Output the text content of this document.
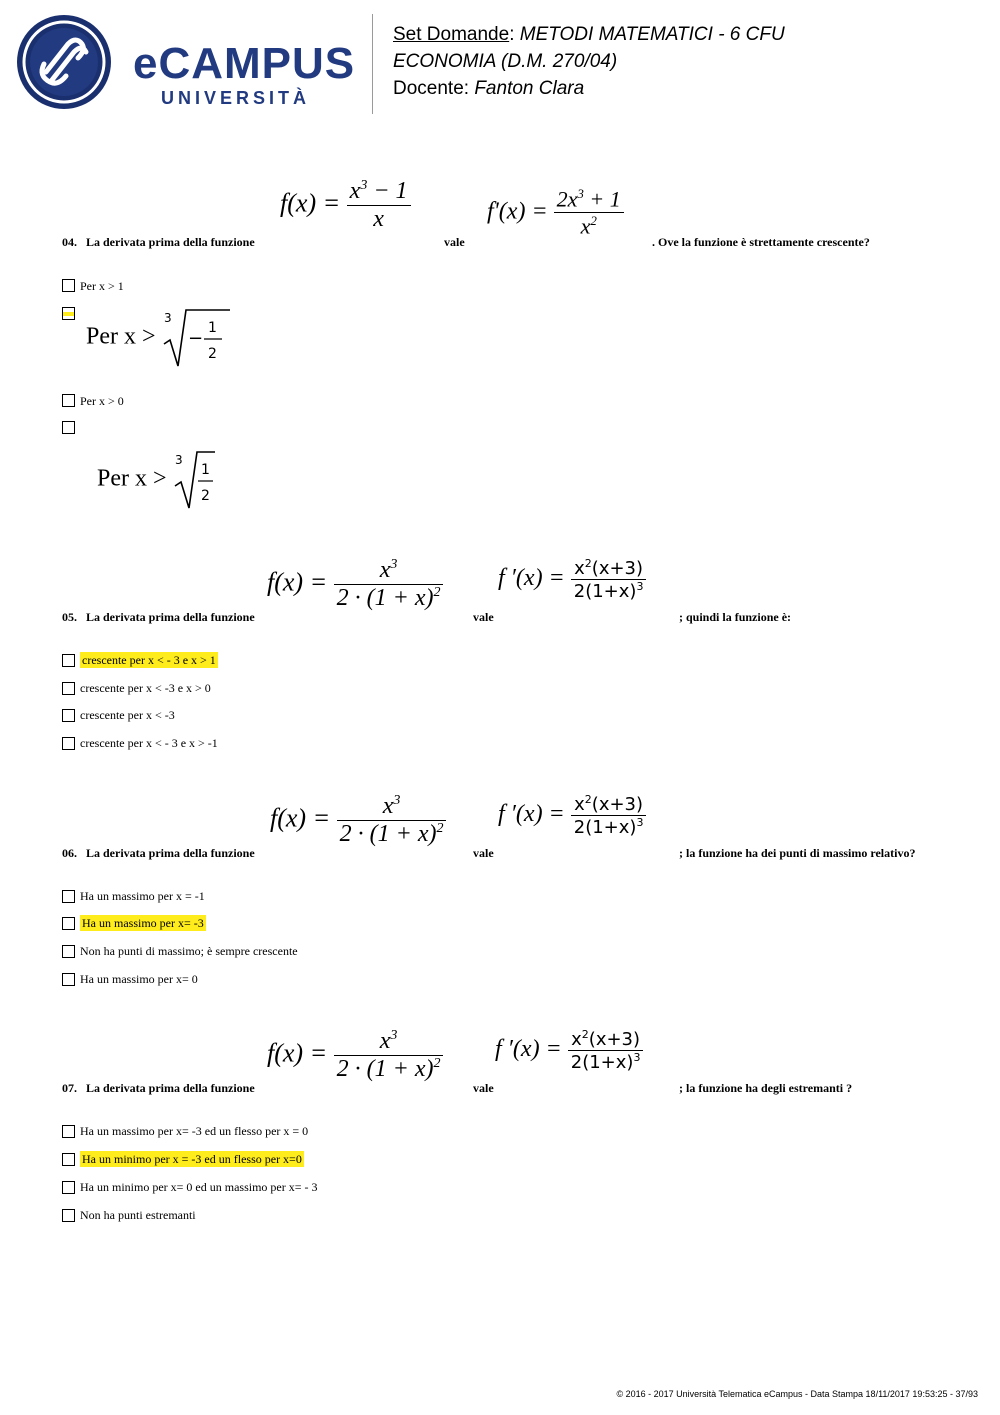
eCAMPUS
UNIVERSITÀ
Set Domande: METODI MATEMATICI - 6 CFU
ECONOMIA (D.M. 270/04)
Docente: Fanton Clara
$f(x) = \frac{x^3 - 1}{x}$	$f'(x) = \frac{2x^3 + 1}{x^2}$
04. La derivata prima della funzione	vale	. Ove la funzione è strettamente crescente?
Per x > 1
Per x >
3
− 1
2
Per x > 0
Per x >
3
1
2
$f(x) = \frac{x^3}{2 \cdot (1 + x)^2}$ f $'(x) = \frac{x^2(x+3)}{2(1+x)^3}$
05. La derivata prima della funzione	vale	; quindi la funzione è:
crescente per x < - 3 e x > 1
crescente per x < -3 e x > 0
crescente per x < -3
crescente per x < - 3 e x > -1
$f(x) = \frac{x^3}{2 \cdot (1 + x)^2}$ f $'(x) = \frac{x^2(x+3)}{2(1+x)^3}$
06. La derivata prima della funzione	vale	; la funzione ha dei punti di massimo relativo?
Ha un massimo per x = -1
Ha un massimo per x= -3
Non ha punti di massimo; è sempre crescente
Ha un massimo per x= 0
$f(x) = \frac{x^3}{2 \cdot (1 + x)^2}$ f $'(x) = \frac{x^2(x+3)}{2(1+x)^3}$
07. La derivata prima della funzione	vale	; la funzione ha degli estremanti ?
Ha un massimo per x= -3 ed un flesso per x = 0
Ha un minimo per x = -3 ed un flesso per x=0
Ha un minimo per x= 0 ed un massimo per x= - 3
Non ha punti estremanti
© 2016 - 2017 Università Telematica eCampus - Data Stampa 18/11/2017 19:53:25 - 37/93
